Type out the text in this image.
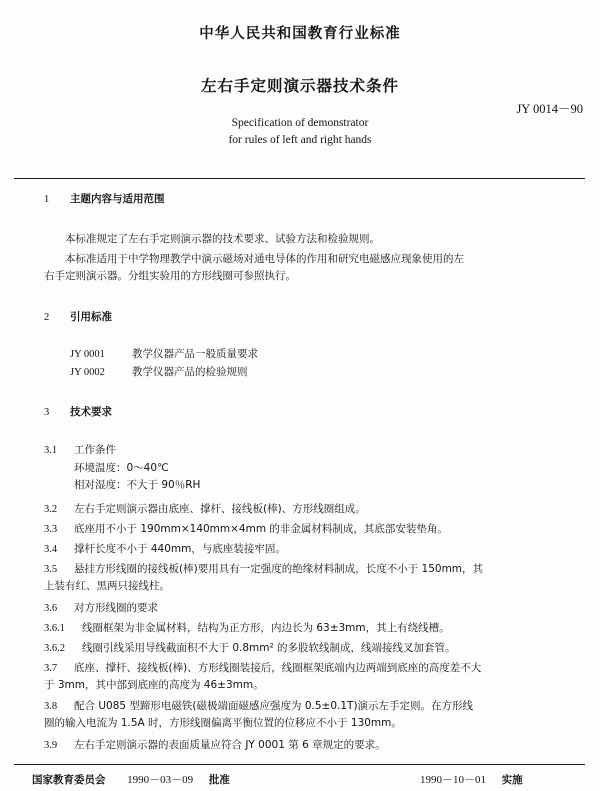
中华人民共和国教育行业标准
左右手定则演示器技术条件
JY 0014－90
Specification of demonstrator
for rules of left and right hands
1 主题内容与适用范围
本标准规定了左右手定则演示器的技术要求、试验方法和检验规则。
本标准适用于中学物理教学中演示磁场对通电导体的作用和研究电磁感应现象使用的左
右手定则演示器。分组实验用的方形线圈可参照执行。
2 引用标准
JY 0001	教学仪器产品一般质量要求
JY 0002	教学仪器产品的检验规则
3 技术要求
3.1 工作条件
环境温度：0～40℃
相对湿度：不大于 90％RH
3.2 左右手定则演示器由底座、撑杆、接线板(棒)、方形线圈组成。
3.3 底座用不小于 190mm×140mm×4mm 的非金属材料制成，其底部安装垫角。
3.4 撑杆长度不小于 440mm，与底座装接牢固。
3.5 悬挂方形线圈的接线板(棒)要用具有一定强度的绝缘材料制成，长度不小于 150mm，其
上装有红、黑两只接线柱。
3.6 对方形线圈的要求
3.6.1 线圈框架为非金属材料，结构为正方形，内边长为 63±3mm，其上有绕线槽。
3.6.2 线圈引线采用导线截面积不大于 0.8mm² 的多股软线制成，线端接线叉加套管。
3.7 底座、撑杆、接线板(棒)、方形线圈装接后，线圈框架底端内边两端到底座的高度差不大
于 3mm，其中部到底座的高度为 46±3mm。
3.8 配合 U085 型蹄形电磁铁(磁极端面磁感应强度为 0.5±0.1T)演示左手定则。在方形线
圈的输入电流为 1.5A 时，方形线圈偏离平衡位置的位移应不小于 130mm。
3.9 左右手定则演示器的表面质量应符合 JY 0001 第 6 章规定的要求。
国家教育委员会 1990－03－09 批准	1990－10－01 实施
